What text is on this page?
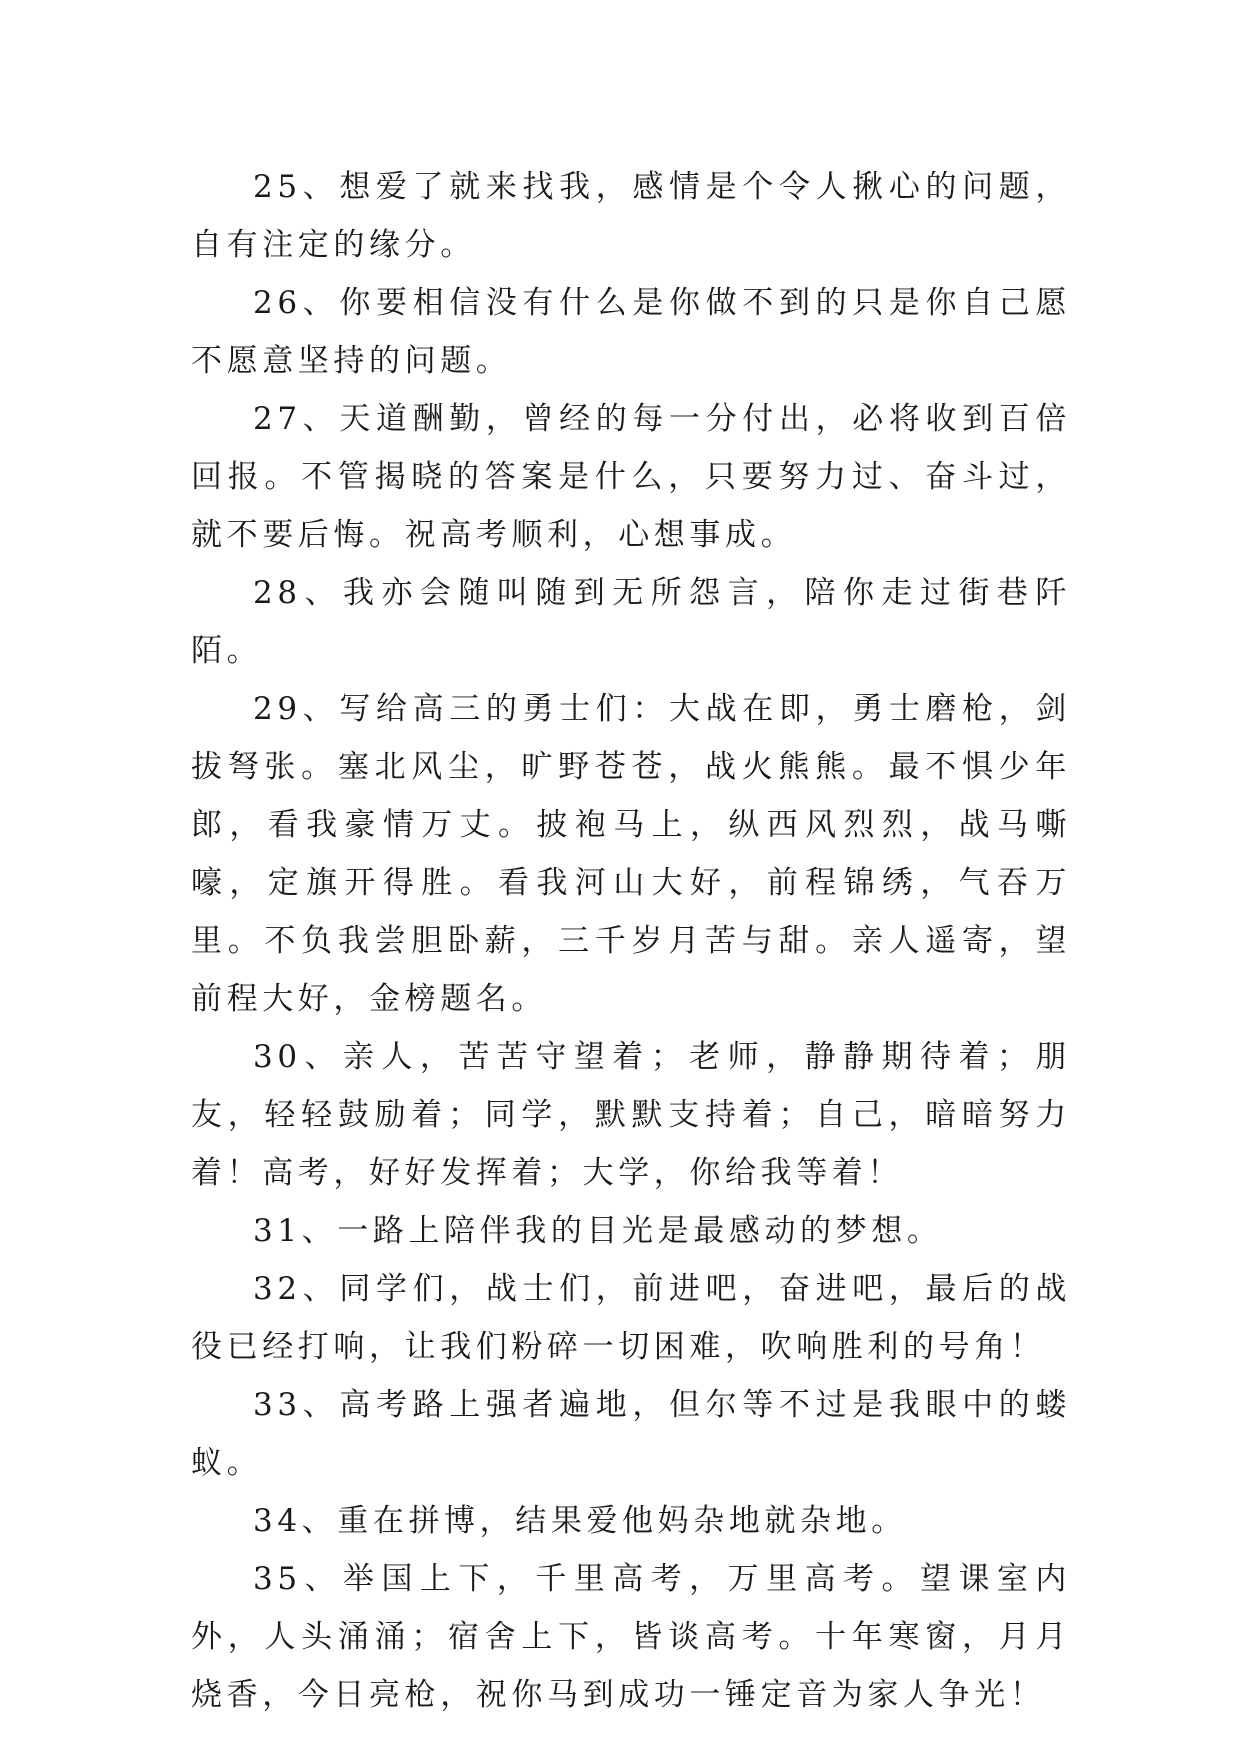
25、想爱了就来找我，感情是个令人揪心的问题，自有注定的缘分。

26、你要相信没有什么是你做不到的只是你自己愿不愿意坚持的问题。

27、天道酬勤，曾经的每一分付出，必将收到百倍回报。不管揭晓的答案是什么，只要努力过、奋斗过，就不要后悔。祝高考顺利，心想事成。

28、我亦会随叫随到无所怨言，陪你走过街巷阡陌。

29、写给高三的勇士们：大战在即，勇士磨枪，剑拔弩张。塞北风尘，旷野苍苍，战火熊熊。最不惧少年郎，看我豪情万丈。披袍马上，纵西风烈烈，战马嘶嚎，定旗开得胜。看我河山大好，前程锦绣，气吞万里。不负我尝胆卧薪，三千岁月苦与甜。亲人遥寄，望前程大好，金榜题名。

30、亲人，苦苦守望着；老师，静静期待着；朋友，轻轻鼓励着；同学，默默支持着；自己，暗暗努力着！高考，好好发挥着；大学，你给我等着！

31、一路上陪伴我的目光是最感动的梦想。

32、同学们，战士们，前进吧，奋进吧，最后的战役已经打响，让我们粉碎一切困难，吹响胜利的号角！

33、高考路上强者遍地，但尔等不过是我眼中的蝼蚁。

34、重在拼博，结果爱他妈杂地就杂地。

35、举国上下，千里高考，万里高考。望课室内外，人头涌涌；宿舍上下，皆谈高考。十年寒窗，月月烧香，今日亮枪，祝你马到成功一锤定音为家人争光！
